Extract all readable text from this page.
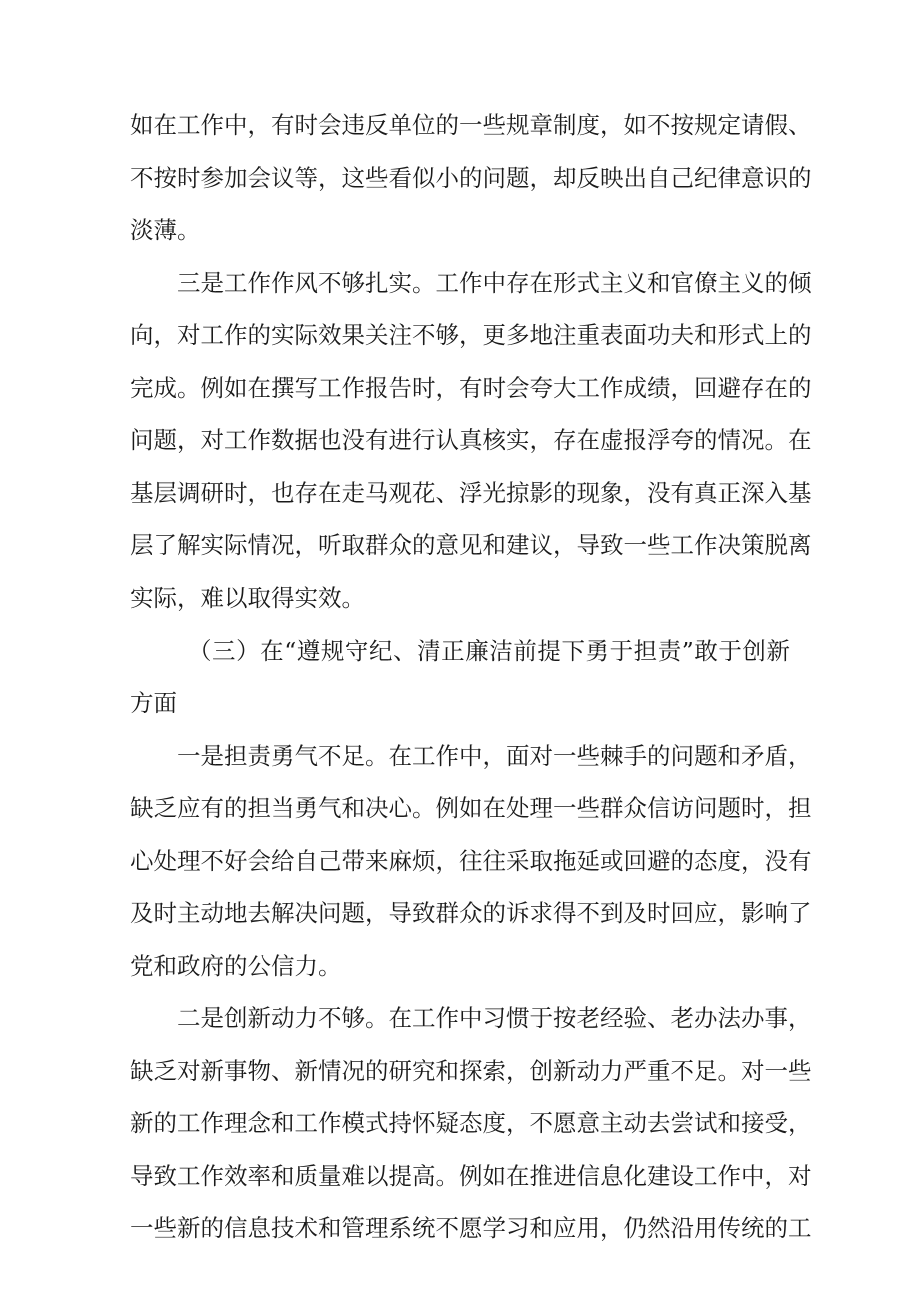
如在工作中，有时会违反单位的一些规章制度，如不按规定请假、
不按时参加会议等，这些看似小的问题，却反映出自己纪律意识的
淡薄。
三是工作作风不够扎实。工作中存在形式主义和官僚主义的倾
向，对工作的实际效果关注不够，更多地注重表面功夫和形式上的
完成。例如在撰写工作报告时，有时会夸大工作成绩，回避存在的
问题，对工作数据也没有进行认真核实，存在虚报浮夸的情况。在
基层调研时，也存在走马观花、浮光掠影的现象，没有真正深入基
层了解实际情况，听取群众的意见和建议，导致一些工作决策脱离
实际，难以取得实效。
（三）在“遵规守纪、清正廉洁前提下勇于担责”敢于创新
方面
一是担责勇气不足。在工作中，面对一些棘手的问题和矛盾，
缺乏应有的担当勇气和决心。例如在处理一些群众信访问题时，担
心处理不好会给自己带来麻烦，往往采取拖延或回避的态度，没有
及时主动地去解决问题，导致群众的诉求得不到及时回应，影响了
党和政府的公信力。
二是创新动力不够。在工作中习惯于按老经验、老办法办事，
缺乏对新事物、新情况的研究和探索，创新动力严重不足。对一些
新的工作理念和工作模式持怀疑态度，不愿意主动去尝试和接受，
导致工作效率和质量难以提高。例如在推进信息化建设工作中，对
一些新的信息技术和管理系统不愿学习和应用，仍然沿用传统的工
